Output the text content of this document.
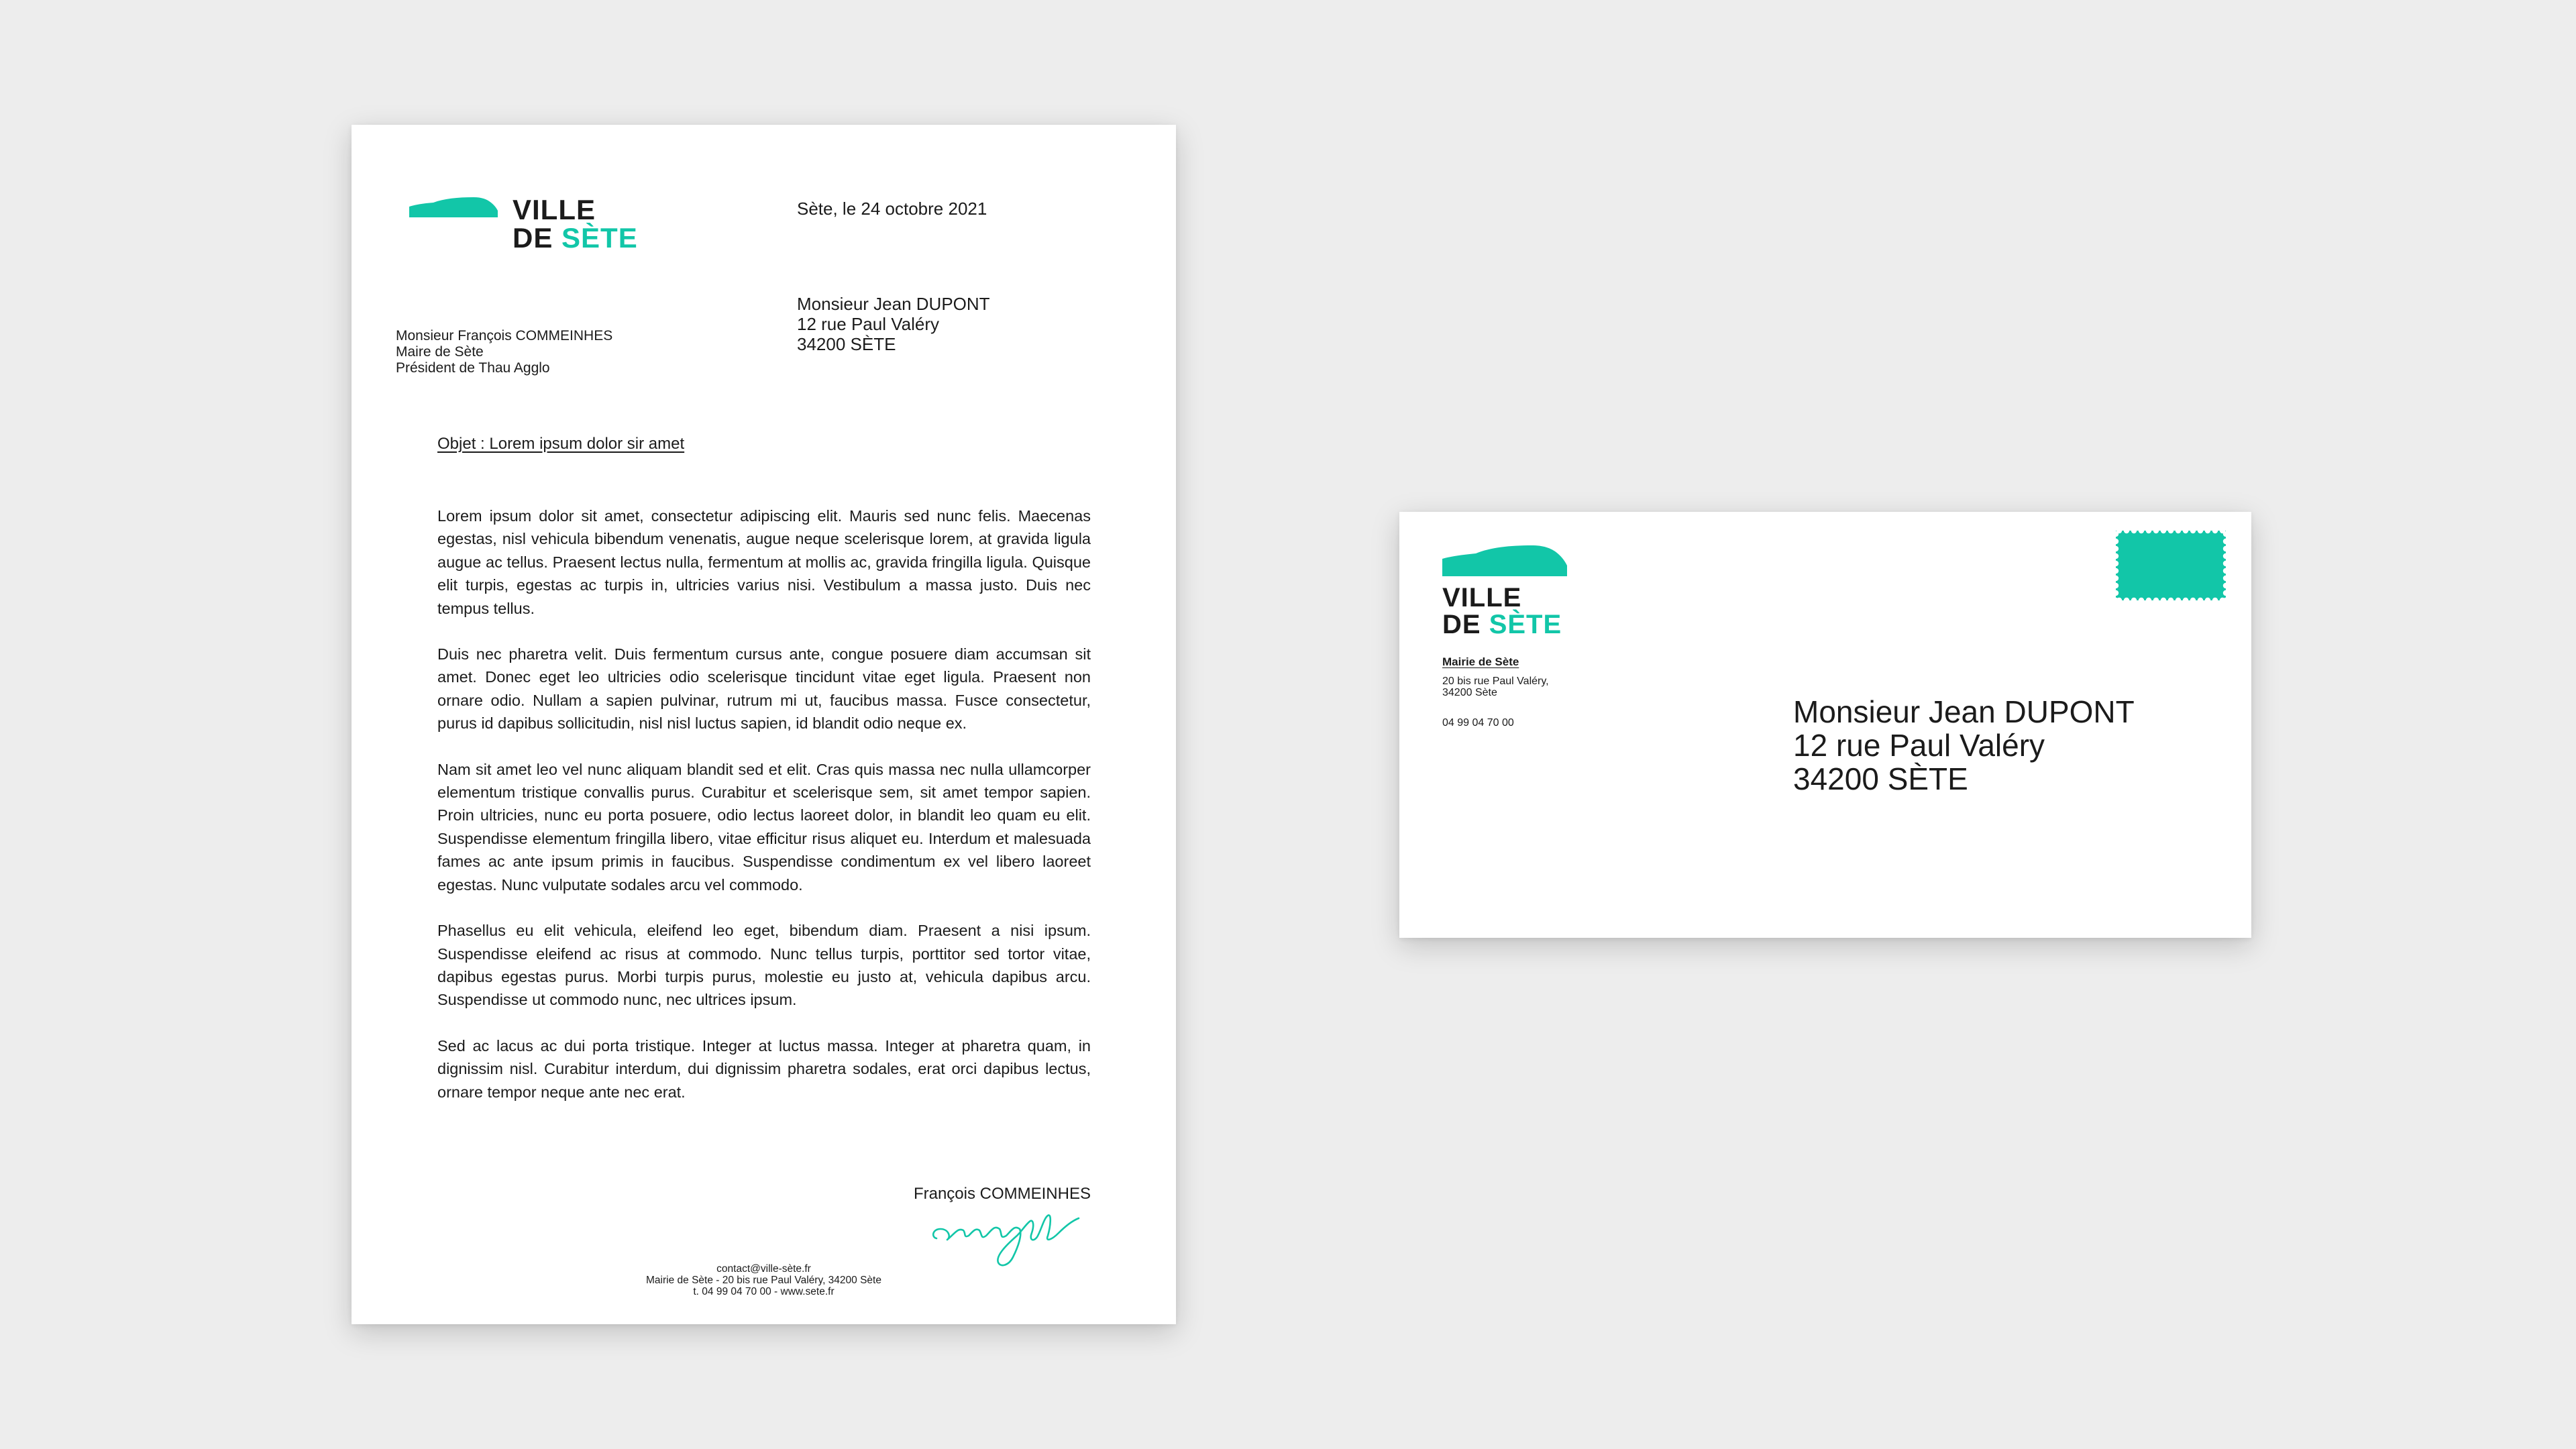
VILLE
DE SÈTE
Sète, le 24 octobre 2021
Monsieur Jean DUPONT
12 rue Paul Valéry
34200 SÈTE
Monsieur François COMMEINHES
Maire de Sète
Président de Thau Agglo
Objet : Lorem ipsum dolor sir amet

Lorem ipsum dolor sit amet, consectetur adipiscing elit. Mauris sed nunc felis. Maecenas egestas, nisl vehicula bibendum venenatis, augue neque scelerisque lorem, at gravida ligula augue ac tellus. Praesent lectus nulla, fermentum at mollis ac, gravida fringilla ligula. Quisque elit turpis, egestas ac turpis in, ultricies varius nisi. Vestibulum a massa justo. Duis nec tempus tellus.

Duis nec pharetra velit. Duis fermentum cursus ante, congue posuere diam accumsan sit amet. Donec eget leo ultricies odio scelerisque tincidunt vitae eget ligula. Praesent non ornare odio. Nullam a sapien pulvinar, rutrum mi ut, faucibus massa. Fusce consectetur, purus id dapibus sollicitudin, nisl nisl luctus sapien, id blandit odio neque ex.

Nam sit amet leo vel nunc aliquam blandit sed et elit. Cras quis massa nec nulla ullamcorper elementum tristique convallis purus. Curabitur et scelerisque sem, sit amet tempor sapien. Proin ultricies, nunc eu porta posuere, odio lectus laoreet dolor, in blandit leo quam eu elit. Suspendisse elementum fringilla libero, vitae efficitur risus aliquet eu. Interdum et malesuada fames ac ante ipsum primis in faucibus. Suspendisse condimentum ex vel libero laoreet egestas. Nunc vulputate sodales arcu vel commodo.

Phasellus eu elit vehicula, eleifend leo eget, bibendum diam. Praesent a nisi ipsum. Suspendisse eleifend ac risus at commodo. Nunc tellus turpis, porttitor sed tortor vitae, dapibus egestas purus. Morbi turpis purus, molestie eu justo at, vehicula dapibus arcu. Suspendisse ut commodo nunc, nec ultrices ipsum.

Sed ac lacus ac dui porta tristique. Integer at luctus massa. Integer at pharetra quam, in dignissim nisl. Curabitur interdum, dui dignissim pharetra sodales, erat orci dapibus lectus, ornare tempor neque ante nec erat.

François COMMEINHES
contact@ville-sète.fr
Mairie de Sète - 20 bis rue Paul Valéry, 34200 Sète
t. 04 99 04 70 00 - www.sete.fr
VILLE
DE SÈTE
Mairie de Sète
20 bis rue Paul Valéry,
34200 Sète
04 99 04 70 00	Monsieur Jean DUPONT
12 rue Paul Valéry
34200 SÈTE
